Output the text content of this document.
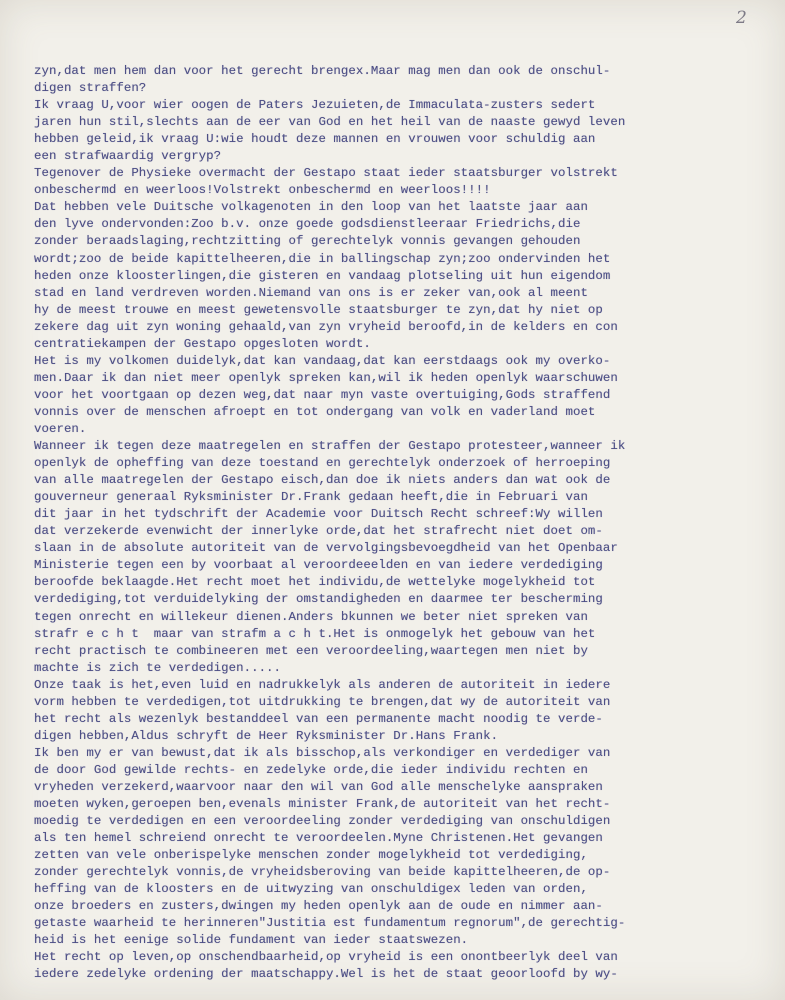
2
zyn,dat men hem dan voor het gerecht brengex.Maar mag men dan ook de onschul-
digen straffen?
Ik vraag U,voor wier oogen de Paters Jezuieten,de Immaculata-zusters sedert
jaren hun stil,slechts aan de eer van God en het heil van de naaste gewyd leven
hebben geleid,ik vraag U:wie houdt deze mannen en vrouwen voor schuldig aan
een strafwaardig vergryp?
Tegenover de Physieke overmacht der Gestapo staat ieder staatsburger volstrekt
onbeschermd en weerloos!Volstrekt onbeschermd en weerloos!!!!
Dat hebben vele Duitsche volkagenoten in den loop van het laatste jaar aan
den lyve ondervonden:Zoo b.v. onze goede godsdienstleeraar Friedrichs,die
zonder beraadslaging,rechtzitting of gerechtelyk vonnis gevangen gehouden
wordt;zoo de beide kapittelheeren,die in ballingschap zyn;zoo ondervinden het
heden onze kloosterlingen,die gisteren en vandaag plotseling uit hun eigendom
stad en land verdreven worden.Niemand van ons is er zeker van,ook al meent
hy de meest trouwe en meest gewetensvolle staatsburger te zyn,dat hy niet op
zekere dag uit zyn woning gehaald,van zyn vryheid beroofd,in de kelders en con
centratiekampen der Gestapo opgesloten wordt.
Het is my volkomen duidelyk,dat kan vandaag,dat kan eerstdaags ook my overko-
men.Daar ik dan niet meer openlyk spreken kan,wil ik heden openlyk waarschuwen
voor het voortgaan op dezen weg,dat naar myn vaste overtuiging,Gods straffend
vonnis over de menschen afroept en tot ondergang van volk en vaderland moet
voeren.
Wanneer ik tegen deze maatregelen en straffen der Gestapo protesteer,wanneer ik
openlyk de opheffing van deze toestand en gerechtelyk onderzoek of herroeping
van alle maatregelen der Gestapo eisch,dan doe ik niets anders dan wat ook de
gouverneur generaal Ryksminister Dr.Frank gedaan heeft,die in Februari van
dit jaar in het tydschrift der Academie voor Duitsch Recht schreef:Wy willen
dat verzekerde evenwicht der innerlyke orde,dat het strafrecht niet doet om-
slaan in de absolute autoriteit van de vervolgingsbevoegdheid van het Openbaar
Ministerie tegen een by voorbaat al veroordeeelden en van iedere verdediging
beroofde beklaagde.Het recht moet het individu,de wettelyke mogelykheid tot
verdediging,tot verduidelyking der omstandigheden en daarmee ter bescherming
tegen onrecht en willekeur dienen.Anders bkunnen we beter niet spreken van
strafr e c h t  maar van strafm a c h t.Het is onmogelyk het gebouw van het
recht practisch te combineeren met een veroordeeling,waartegen men niet by
machte is zich te verdedigen.....
Onze taak is het,even luid en nadrukkelyk als anderen de autoriteit in iedere
vorm hebben te verdedigen,tot uitdrukking te brengen,dat wy de autoriteit van
het recht als wezenlyk bestanddeel van een permanente macht noodig te verde-
digen hebben,Aldus schryft de Heer Ryksminister Dr.Hans Frank.
Ik ben my er van bewust,dat ik als bisschop,als verkondiger en verdediger van
de door God gewilde rechts- en zedelyke orde,die ieder individu rechten en
vryheden verzekerd,waarvoor naar den wil van God alle menschelyke aanspraken
moeten wyken,geroepen ben,evenals minister Frank,de autoriteit van het recht-
moedig te verdedigen en een veroordeeling zonder verdediging van onschuldigen
als ten hemel schreiend onrecht te veroordeelen.Myne Christenen.Het gevangen
zetten van vele onberispelyke menschen zonder mogelykheid tot verdediging,
zonder gerechtelyk vonnis,de vryheidsberoving van beide kapittelheeren,de op-
heffing van de kloosters en de uitwyzing van onschuldigex leden van orden,
onze broeders en zusters,dwingen my heden openlyk aan de oude en nimmer aan-
getaste waarheid te herinneren"Justitia est fundamentum regnorum",de gerechtig-
heid is het eenige solide fundament van ieder staatswezen.
Het recht op leven,op onschendbaarheid,op vryheid is een onontbeerlyk deel van
iedere zedelyke ordening der maatschappy.Wel is het de staat geoorloofd by wy-
